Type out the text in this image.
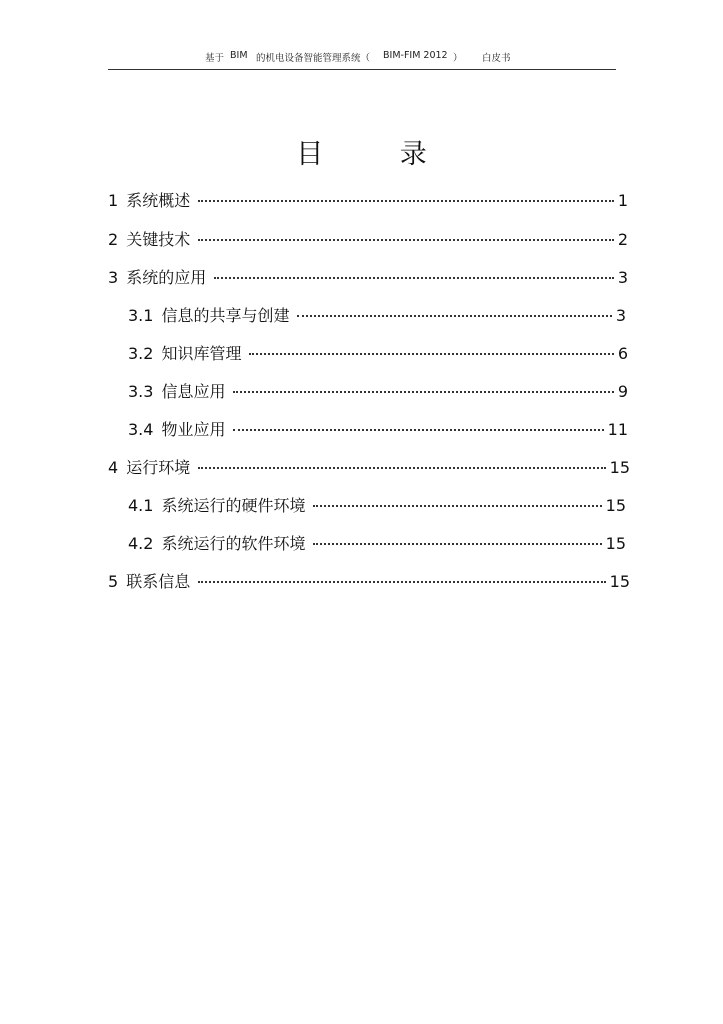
基于 BIM 的机电设备智能管理系统（ BIM-FIM 2012 ） 白皮书
目 录
1 系统概述	1
2 关键技术	2
3 系统的应用	3
3.1 信息的共享与创建	3
3.2 知识库管理	6
3.3 信息应用	9
3.4 物业应用	11
4 运行环境	15
4.1 系统运行的硬件环境	15
4.2 系统运行的软件环境	15
5 联系信息	15
